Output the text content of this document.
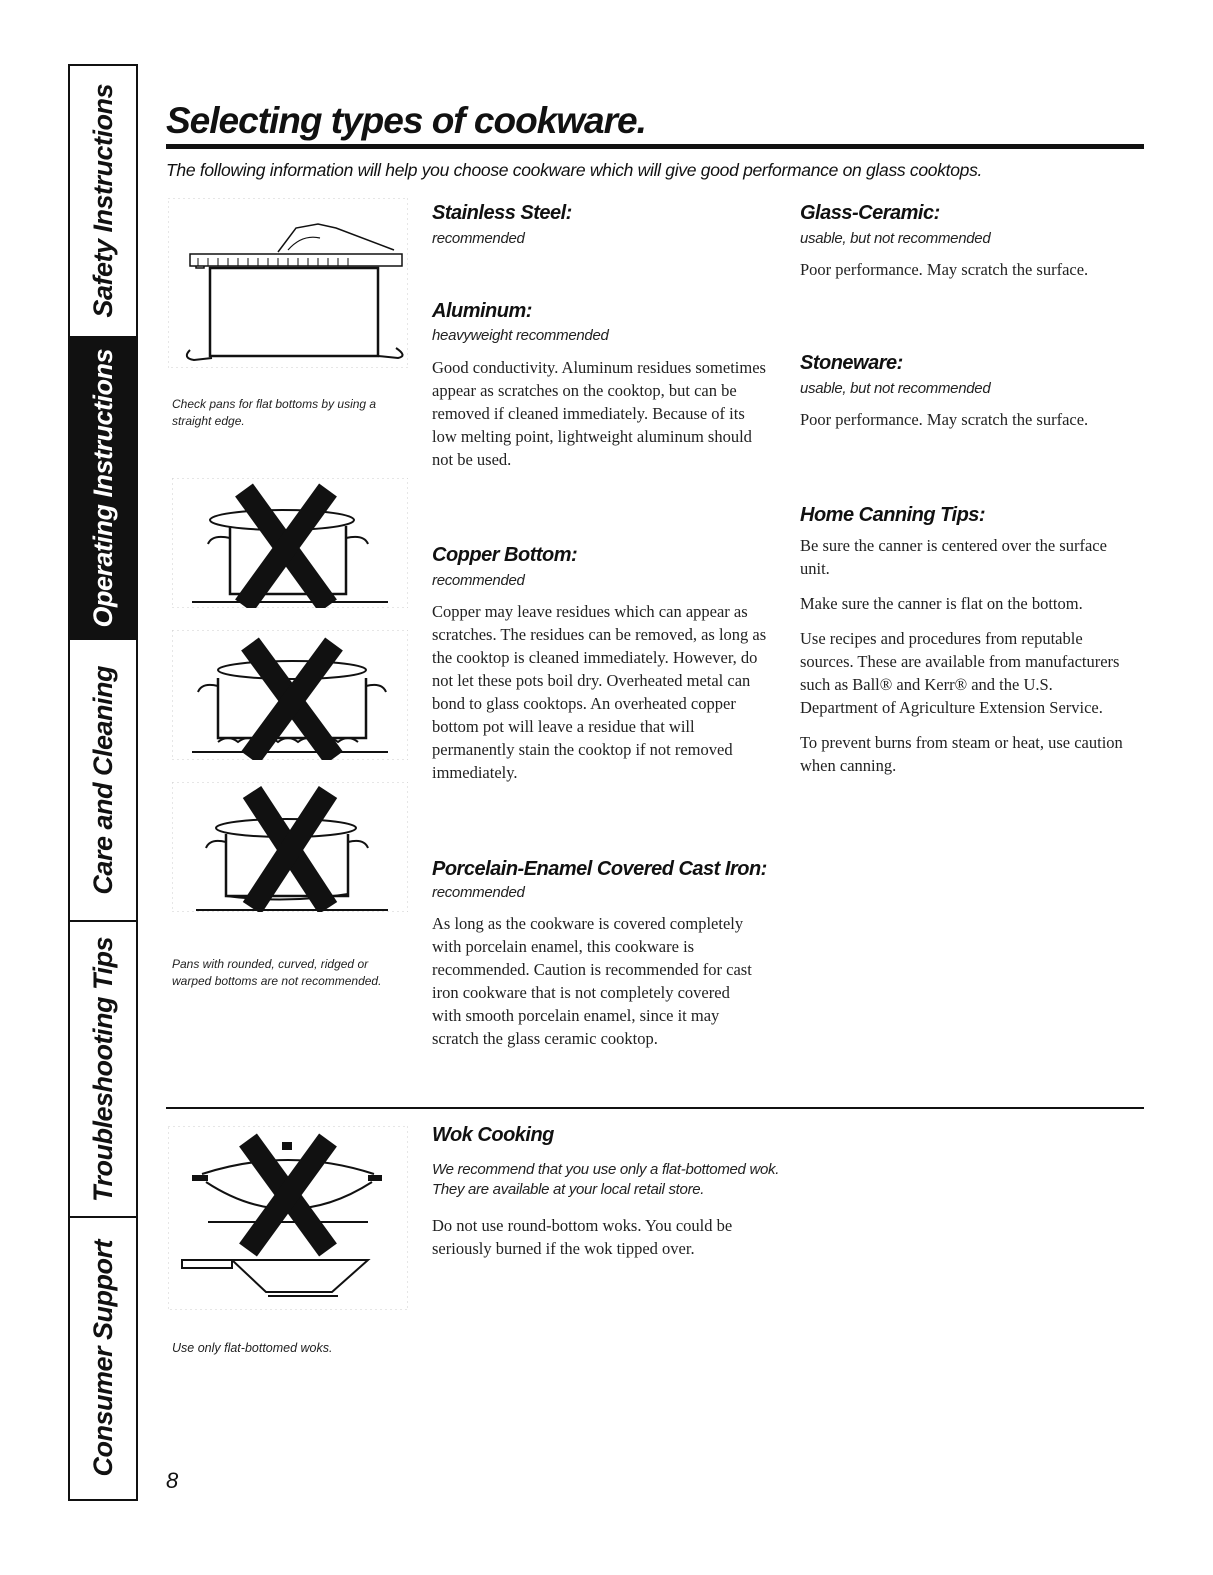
Safety Instructions
Operating Instructions
Care and Cleaning
Troubleshooting Tips
Consumer Support
Selecting types of cookware.
The following information will help you choose cookware which will give good performance on glass cooktops.
Check pans for flat bottoms by using a straight edge.
Pans with rounded, curved, ridged or warped bottoms are not recommended.
Use only flat-bottomed woks.
Stainless Steel:
recommended
Aluminum:
heavyweight recommended
Good conductivity. Aluminum residues sometimes appear as scratches on the cooktop, but can be removed if cleaned immediately. Because of its low melting point, lightweight aluminum should not be used.
Copper Bottom:
recommended
Copper may leave residues which can appear as scratches. The residues can be removed, as long as the cooktop is cleaned immediately. However, do not let these pots boil dry. Overheated metal can bond to glass cooktops. An overheated copper bottom pot will leave a residue that will permanently stain the cooktop if not removed immediately.
Porcelain-Enamel Covered Cast Iron:
recommended
As long as the cookware is covered completely with porcelain enamel, this cookware is recommended. Caution is recommended for cast iron cookware that is not completely covered with smooth porcelain enamel, since it may scratch the glass ceramic cooktop.
Glass-Ceramic:
usable, but not recommended
Poor performance. May scratch the surface.
Stoneware:
usable, but not recommended
Poor performance. May scratch the surface.
Home Canning Tips:

Be sure the canner is centered over the surface unit.

Make sure the canner is flat on the bottom.

Use recipes and procedures from reputable sources. These are available from manufacturers such as Ball® and Kerr® and the U.S. Department of Agriculture Extension Service.

To prevent burns from steam or heat, use caution when canning.

Wok Cooking
We recommend that you use only a flat-bottomed wok. They are available at your local retail store.
Do not use round-bottom woks. You could be seriously burned if the wok tipped over.
8
